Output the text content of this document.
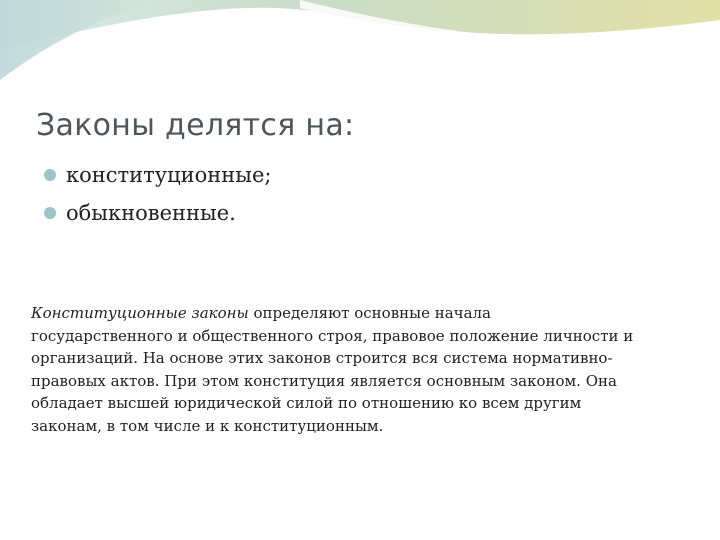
Законы делятся на:
конституционные;
обыкновенные.
Конституционные законы определяют основные начала
государственного и общественного строя, правовое положение личности и
организаций. На основе этих законов строится вся система нормативно-
правовых актов. При этом конституция является основным законом. Она
обладает высшей юридической силой по отношению ко всем другим
законам, в том числе и к конституционным.
